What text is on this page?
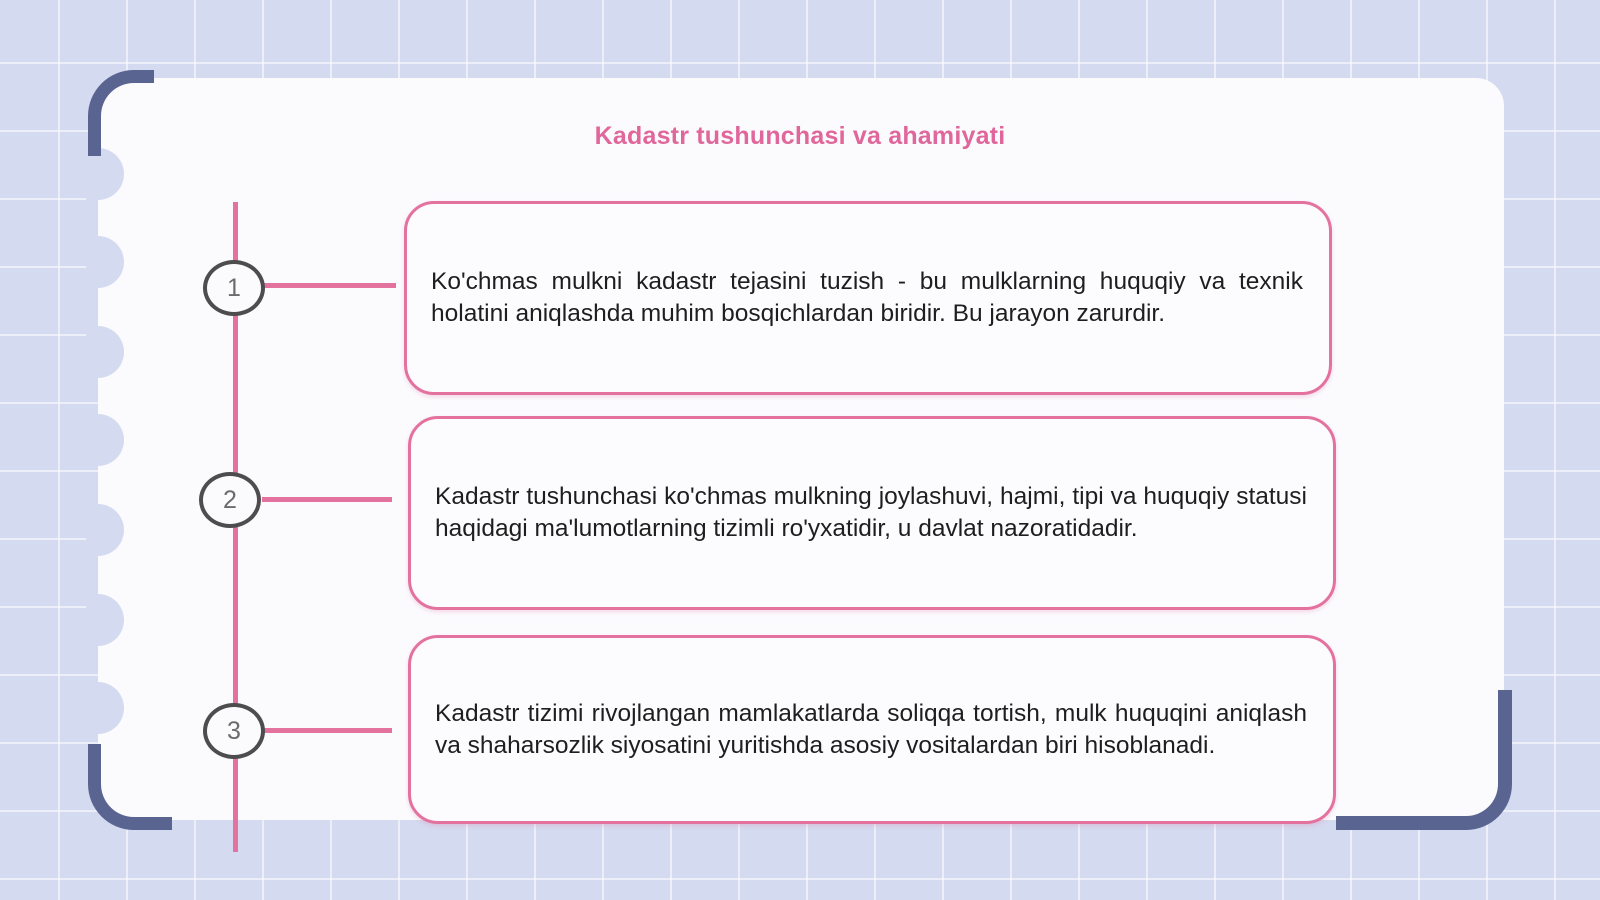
Kadastr tushunchasi va ahamiyati
1	Ko'chmas mulkni kadastr tejasini tuzish - bu mulklarning huquqiy va texnik holatini aniqlashda muhim bosqichlardan biridir. Bu jarayon zarurdir.
2	Kadastr tushunchasi ko'chmas mulkning joylashuvi, hajmi, tipi va huquqiy statusi haqidagi ma'lumotlarning tizimli ro'yxatidir, u davlat nazoratidadir.
3
Kadastr tizimi rivojlangan mamlakatlarda soliqqa tortish, mulk huquqini aniqlash va shaharsozlik siyosatini yuritishda asosiy vositalardan biri hisoblanadi.
